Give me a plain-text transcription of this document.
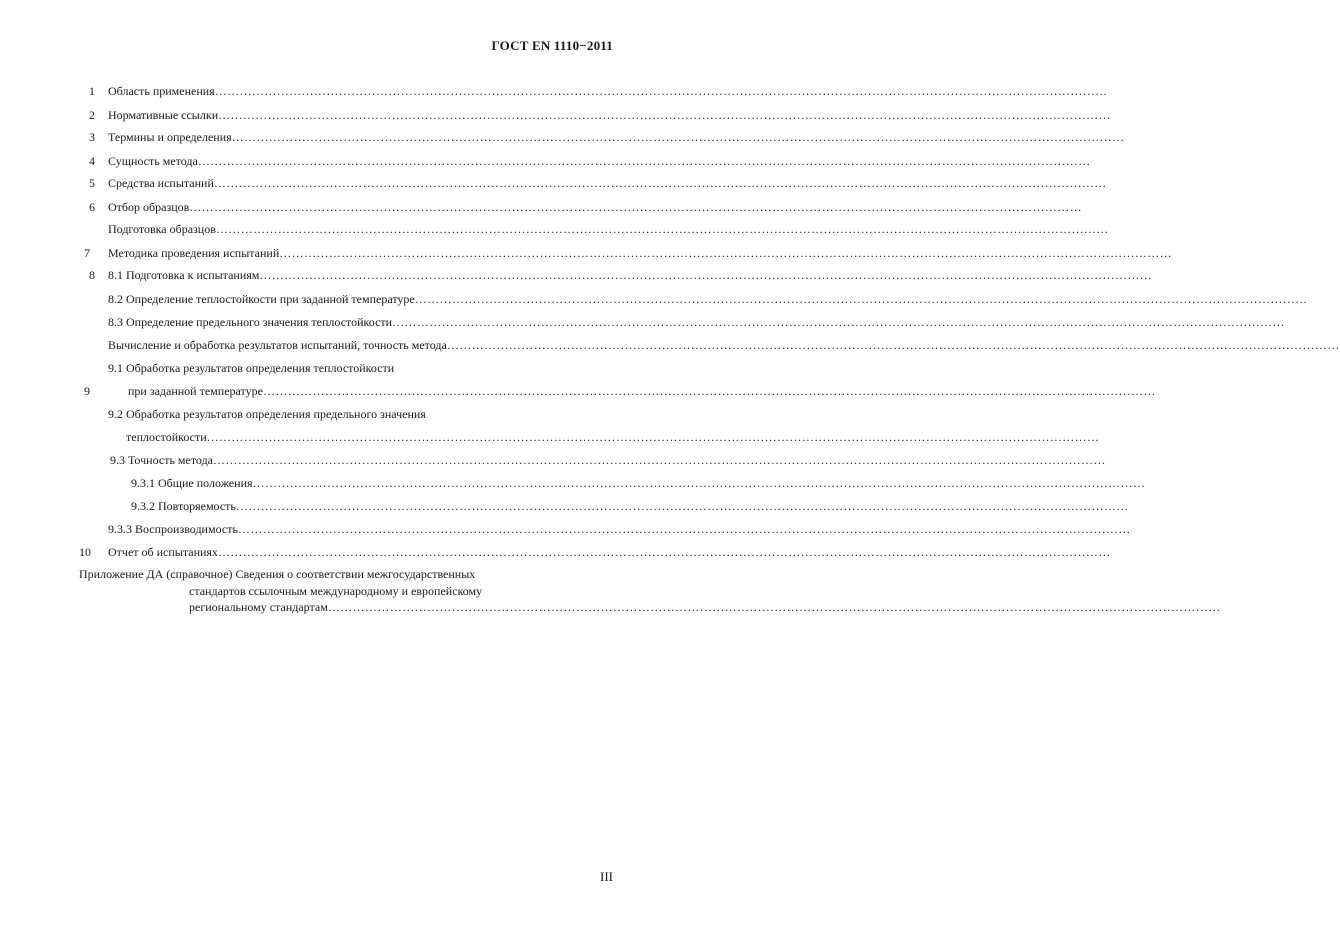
ГОСТ EN 1110−2011
1 Область применения………………………………………………………………………………………………………………………………………………………………………………………………
2 Нормативные ссылки………………………………………………………………………………………………………………………………………………………………………………………………
3 Термины и определения………………………………………………………………………………………………………………………………………………………………………………………………
4 Сущность метода………………………………………………………………………………………………………………………………………………………………………………………………
5 Средства испытаний………………………………………………………………………………………………………………………………………………………………………………………………
6 Отбор образцов………………………………………………………………………………………………………………………………………………………………………………………………
Подготовка образцов………………………………………………………………………………………………………………………………………………………………………………………………
7 Методика проведения испытаний………………………………………………………………………………………………………………………………………………………………………………………………
8 8.1 Подготовка к испытаниям………………………………………………………………………………………………………………………………………………………………………………………………
8.2 Определение теплостойкости при заданной температуре………………………………………………………………………………………………………………………………………………………………………………………………
8.3 Определение предельного значения теплостойкости………………………………………………………………………………………………………………………………………………………………………………………………
Вычисление и обработка результатов испытаний, точность метода………………………………………………………………………………………………………………………………………………………………………………………………
9.1 Обработка результатов определения теплостойкости
9	при заданной температуре………………………………………………………………………………………………………………………………………………………………………………………………
9.2 Обработка результатов определения предельного значения
теплостойкости………………………………………………………………………………………………………………………………………………………………………………………………
9.3 Точность метода………………………………………………………………………………………………………………………………………………………………………………………………
9.3.1 Общие положения………………………………………………………………………………………………………………………………………………………………………………………………
9.3.2 Повторяемость………………………………………………………………………………………………………………………………………………………………………………………………
9.3.3 Воспроизводимость………………………………………………………………………………………………………………………………………………………………………………………………
10 Отчет об испытаниях………………………………………………………………………………………………………………………………………………………………………………………………
Приложение ДА (справочное) Сведения о соответствии межгосударственных
стандартов ссылочным международному и европейскому
региональному стандартам………………………………………………………………………………………………………………………………………………………………………………………………
III
